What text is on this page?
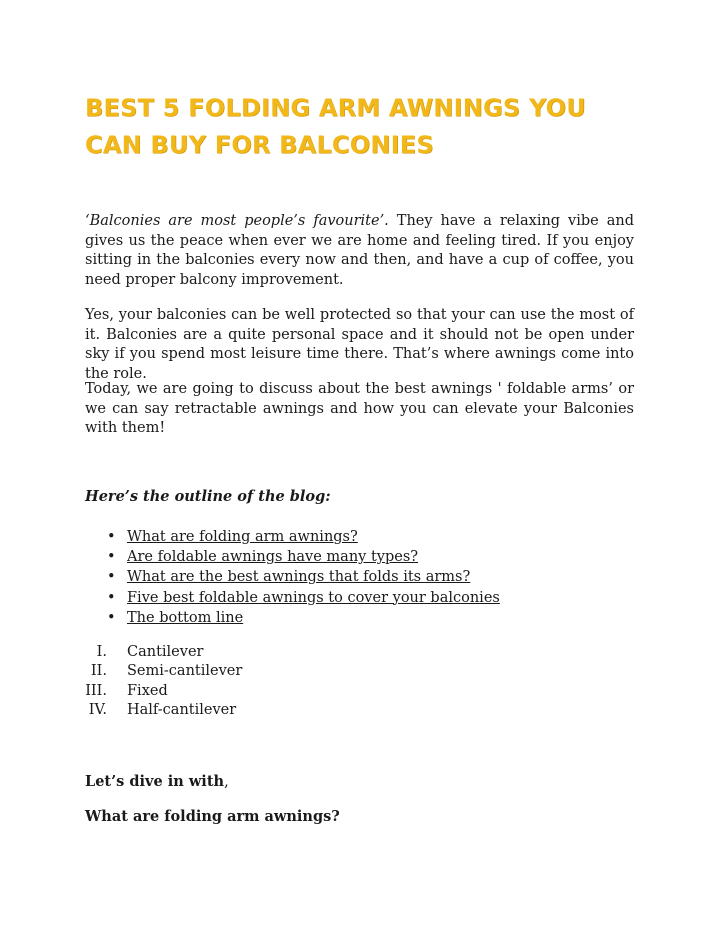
BEST 5 FOLDING ARM AWNINGS YOU CAN BUY FOR BALCONIES

‘Balconies are most people’s favourite’. They have a relaxing vibe and gives us the peace when ever we are home and feeling tired. If you enjoy sitting in the balconies every now and then, and have a cup of coffee, you need proper balcony improvement.

Yes, your balconies can be well protected so that your can use the most of it. Balconies are a quite personal space and it should not be open under sky if you spend most leisure time there. That’s where awnings come into the role.

Today, we are going to discuss about the best awnings ' foldable arms’ or we can say retractable awnings and how you can elevate your Balconies with them!

Here’s the outline of the blog:

• What are folding arm awnings?
• Are foldable awnings have many types?
• What are the best awnings that folds its arms?
• Five best foldable awnings to cover your balconies
• The bottom line
I. Cantilever
II. Semi-cantilever
III. Fixed
IV. Half-cantilever

Let’s dive in with,

What are folding arm awnings?
